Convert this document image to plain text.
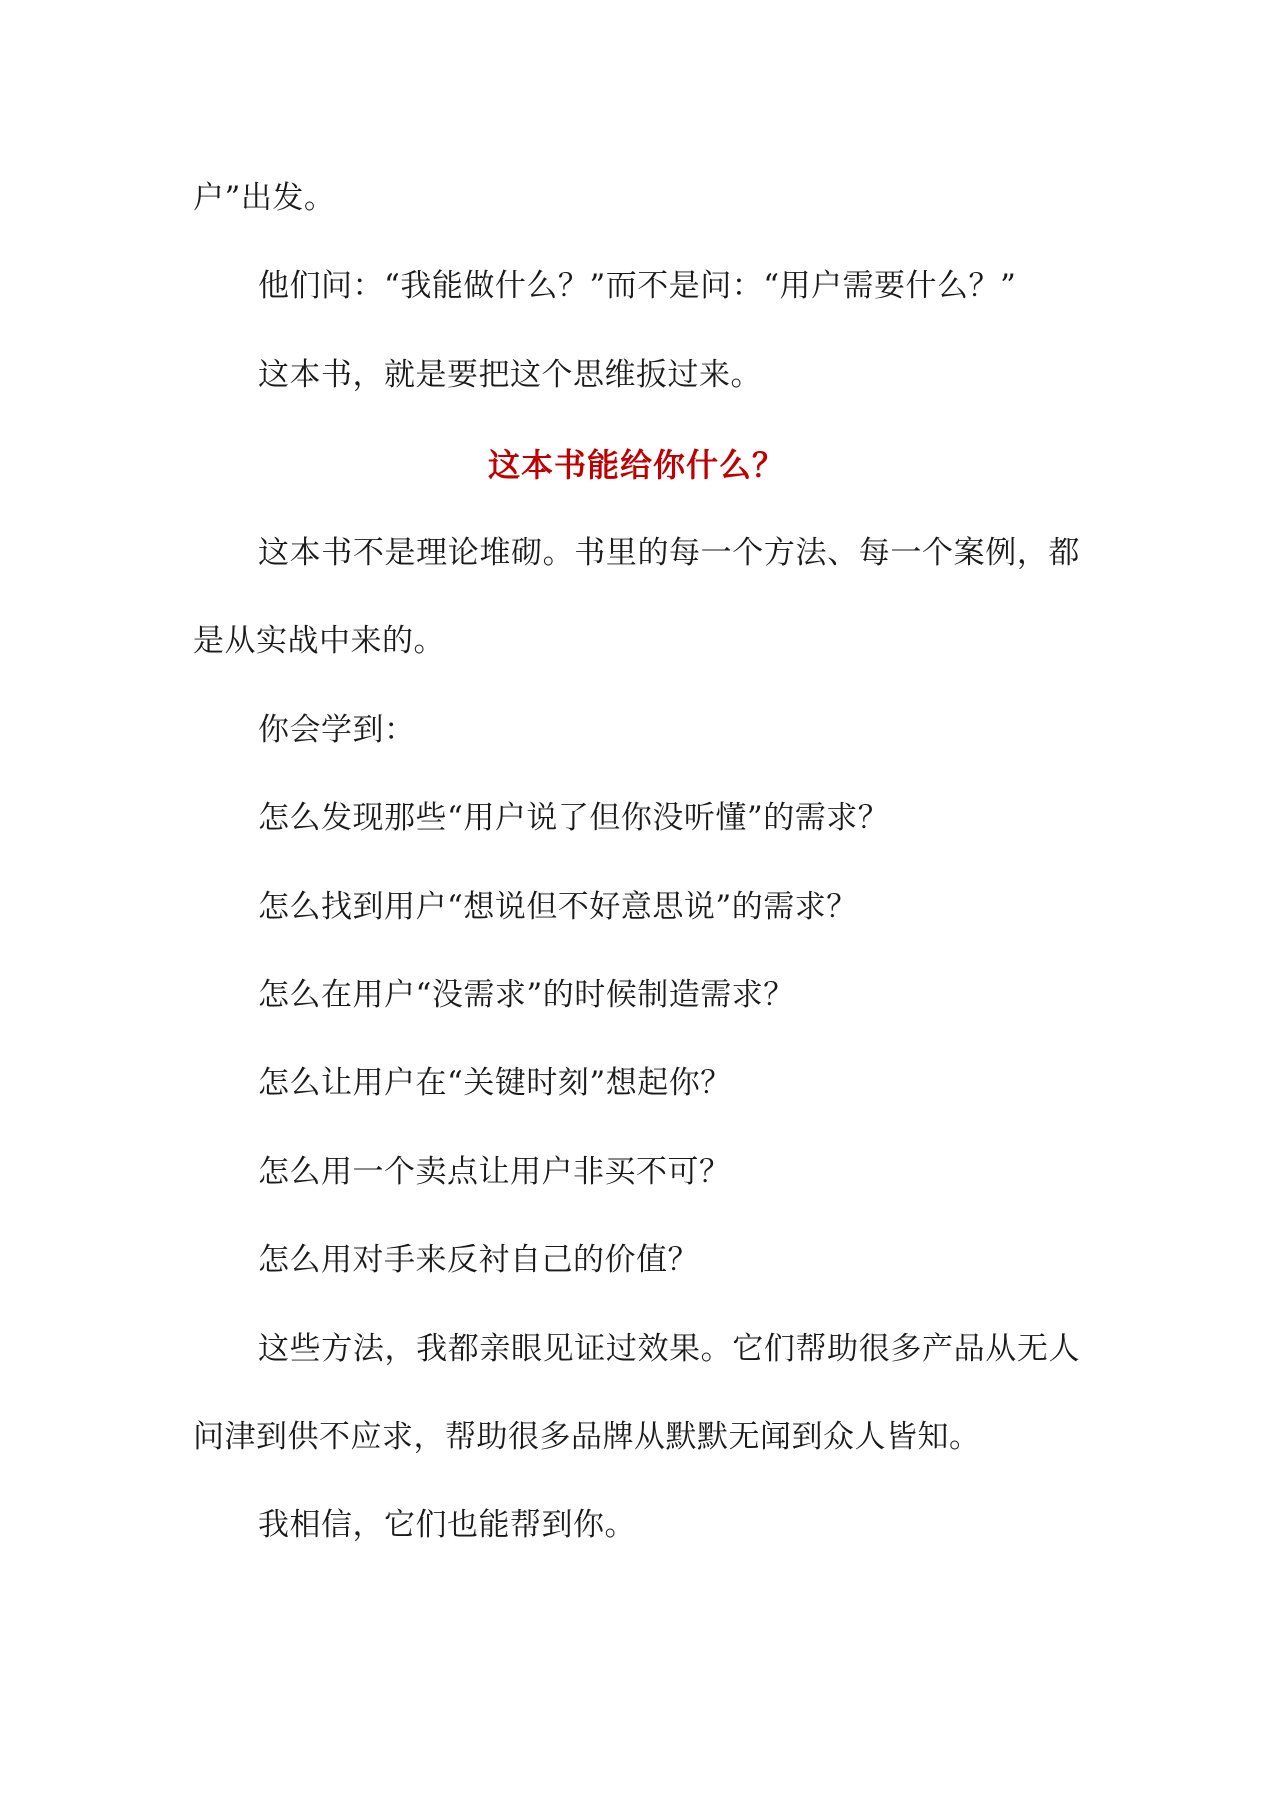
户”出发。
他们问：“我能做什么？”而不是问：“用户需要什么？”
这本书，就是要把这个思维扳过来。
这本书能给你什么？
这本书不是理论堆砌。书里的每一个方法、每一个案例，都
是从实战中来的。
你会学到：
怎么发现那些“用户说了但你没听懂”的需求？
怎么找到用户“想说但不好意思说”的需求？
怎么在用户“没需求”的时候制造需求？
怎么让用户在“关键时刻”想起你？
怎么用一个卖点让用户非买不可？
怎么用对手来反衬自己的价值？
这些方法，我都亲眼见证过效果。它们帮助很多产品从无人
问津到供不应求，帮助很多品牌从默默无闻到众人皆知。
我相信，它们也能帮到你。
